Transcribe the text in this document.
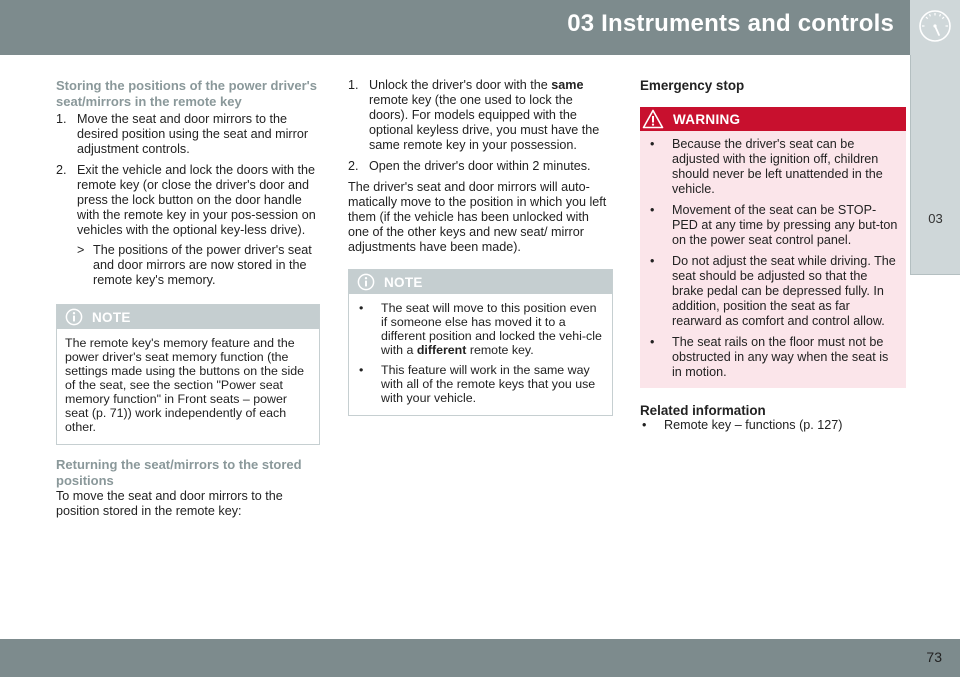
03 Instruments and controls
03
Storing the positions of the power driver's seat/mirrors in the remote key
1. Move the seat and door mirrors to the desired position using the seat and mirror adjustment controls.
2. Exit the vehicle and lock the doors with the remote key (or close the driver's door and press the lock button on the door handle with the remote key in your pos-session on vehicles with the optional key-less drive).
> The positions of the power driver's seat and door mirrors are now stored in the remote key's memory.
NOTE
The remote key's memory feature and the power driver's seat memory function (the settings made using the buttons on the side of the seat, see the section "Power seat memory function" in Front seats – power seat (p. 71)) work independently of each other.
Returning the seat/mirrors to the stored positions
To move the seat and door mirrors to the position stored in the remote key:
1. Unlock the driver's door with the same remote key (the one used to lock the doors). For models equipped with the optional keyless drive, you must have the same remote key in your possession.
2. Open the driver's door within 2 minutes.
The driver's seat and door mirrors will auto-matically move to the position in which you left them (if the vehicle has been unlocked with one of the other keys and new seat/ mirror adjustments have been made).
NOTE
• The seat will move to this position even if someone else has moved it to a different position and locked the vehi-cle with a different remote key.
• This feature will work in the same way with all of the remote keys that you use with your vehicle.
Emergency stop
WARNING
• Because the driver's seat can be adjusted with the ignition off, children should never be left unattended in the vehicle.
• Movement of the seat can be STOP-PED at any time by pressing any but-ton on the power seat control panel.
• Do not adjust the seat while driving. The seat should be adjusted so that the brake pedal can be depressed fully. In addition, position the seat as far rearward as comfort and control allow.
• The seat rails on the floor must not be obstructed in any way when the seat is in motion.
Related information
• Remote key – functions (p. 127)
73
